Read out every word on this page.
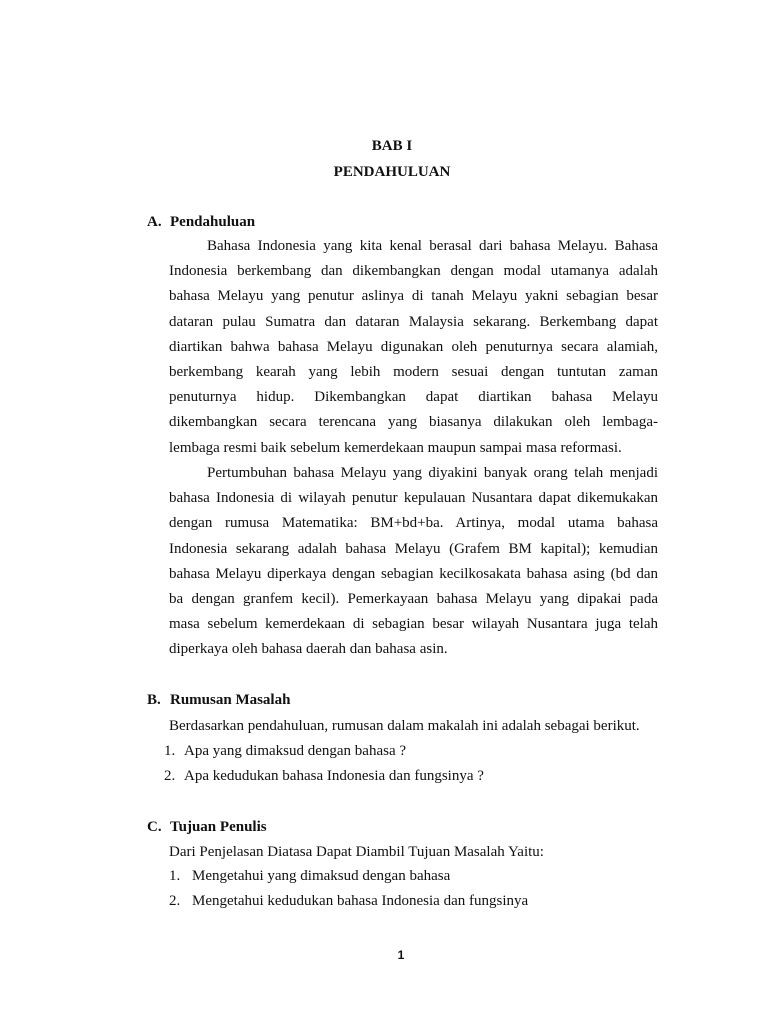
BAB I
PENDAHULUAN
A. Pendahuluan
Bahasa Indonesia yang kita kenal berasal dari bahasa Melayu. Bahasa
Indonesia berkembang dan dikembangkan dengan modal utamanya adalah
bahasa Melayu yang penutur aslinya di tanah Melayu yakni sebagian besar
dataran pulau Sumatra dan dataran Malaysia sekarang. Berkembang dapat
diartikan bahwa bahasa Melayu digunakan oleh penuturnya secara alamiah,
berkembang kearah yang lebih modern sesuai dengan tuntutan zaman
penuturnya hidup. Dikembangkan dapat diartikan bahasa Melayu
dikembangkan secara terencana yang biasanya dilakukan oleh lembaga-
lembaga resmi baik sebelum kemerdekaan maupun sampai masa reformasi.
Pertumbuhan bahasa Melayu yang diyakini banyak orang telah menjadi
bahasa Indonesia di wilayah penutur kepulauan Nusantara dapat dikemukakan
dengan rumusa Matematika: BM+bd+ba. Artinya, modal utama bahasa
Indonesia sekarang adalah bahasa Melayu (Grafem BM kapital); kemudian
bahasa Melayu diperkaya dengan sebagian kecilkosakata bahasa asing (bd dan
ba dengan granfem kecil). Pemerkayaan bahasa Melayu yang dipakai pada
masa sebelum kemerdekaan di sebagian besar wilayah Nusantara juga telah
diperkaya oleh bahasa daerah dan bahasa asin.
B. Rumusan Masalah
Berdasarkan pendahuluan, rumusan dalam makalah ini adalah sebagai berikut.
1. Apa yang dimaksud dengan bahasa ?
2. Apa kedudukan bahasa Indonesia dan fungsinya ?
C. Tujuan Penulis
Dari Penjelasan Diatasa Dapat Diambil Tujuan Masalah Yaitu:
1. Mengetahui yang dimaksud dengan bahasa
2. Mengetahui kedudukan bahasa Indonesia dan fungsinya
1
